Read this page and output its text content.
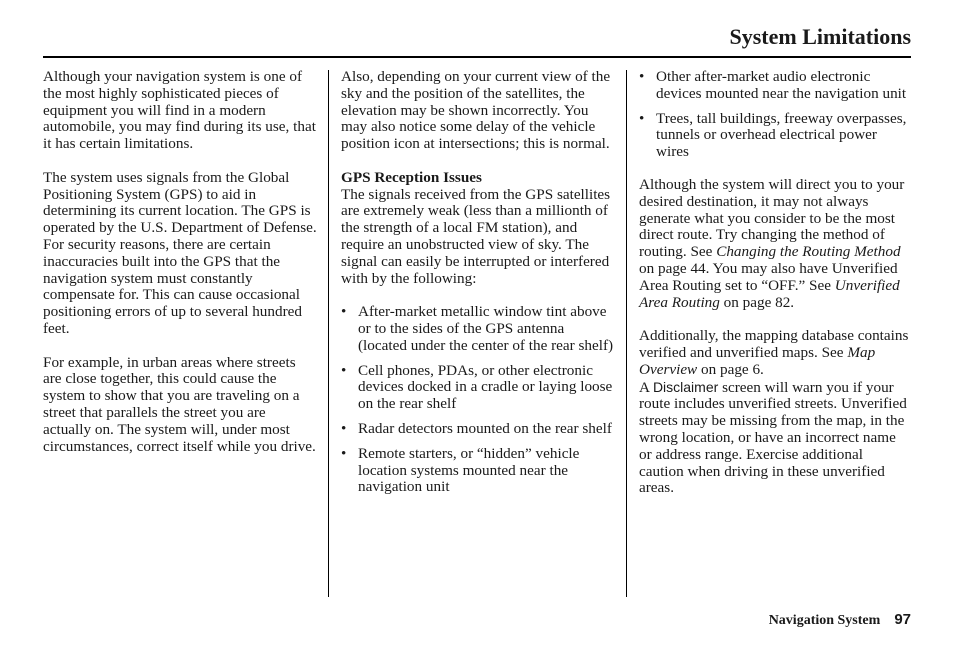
System Limitations

Although your navigation system is one of the most highly sophisticated pieces of equipment you will find in a modern automobile, you may find during its use, that it has certain limitations.

The system uses signals from the Global Positioning System (GPS) to aid in determining its current location. The GPS is operated by the U.S. Department of Defense. For security reasons, there are certain inaccuracies built into the GPS that the navigation system must constantly compensate for. This can cause occasional positioning errors of up to several hundred feet.

For example, in urban areas where streets are close together, this could cause the system to show that you are traveling on a street that parallels the street you are actually on. The system will, under most circumstances, correct itself while you drive.

Also, depending on your current view of the sky and the position of the satellites, the elevation may be shown incorrectly. You may also notice some delay of the vehicle position icon at intersections; this is normal.

GPS Reception Issues

The signals received from the GPS satellites are extremely weak (less than a millionth of the strength of a local FM station), and require an unobstructed view of sky. The signal can easily be interrupted or interfered with by the following:

• After-market metallic window tint above or to the sides of the GPS antenna (located under the center of the rear shelf)
• Cell phones, PDAs, or other electronic devices docked in a cradle or laying loose on the rear shelf
• Radar detectors mounted on the rear shelf
• Remote starters, or “hidden” vehicle location systems mounted near the navigation unit
• Other after-market audio electronic devices mounted near the navigation unit
• Trees, tall buildings, freeway overpasses, tunnels or overhead electrical power wires

Although the system will direct you to your desired destination, it may not always generate what you consider to be the most direct route. Try changing the method of routing. See Changing the Routing Method on page 44. You may also have Unverified Area Routing set to “OFF.” See Unverified Area Routing on page 82.

Additionally, the mapping database contains verified and unverified maps. See Map Overview on page 6.

A Disclaimer screen will warn you if your route includes unverified streets. Unverified streets may be missing from the map, in the wrong location, or have an incorrect name or address range. Exercise additional caution when driving in these unverified areas.

Navigation System 97
